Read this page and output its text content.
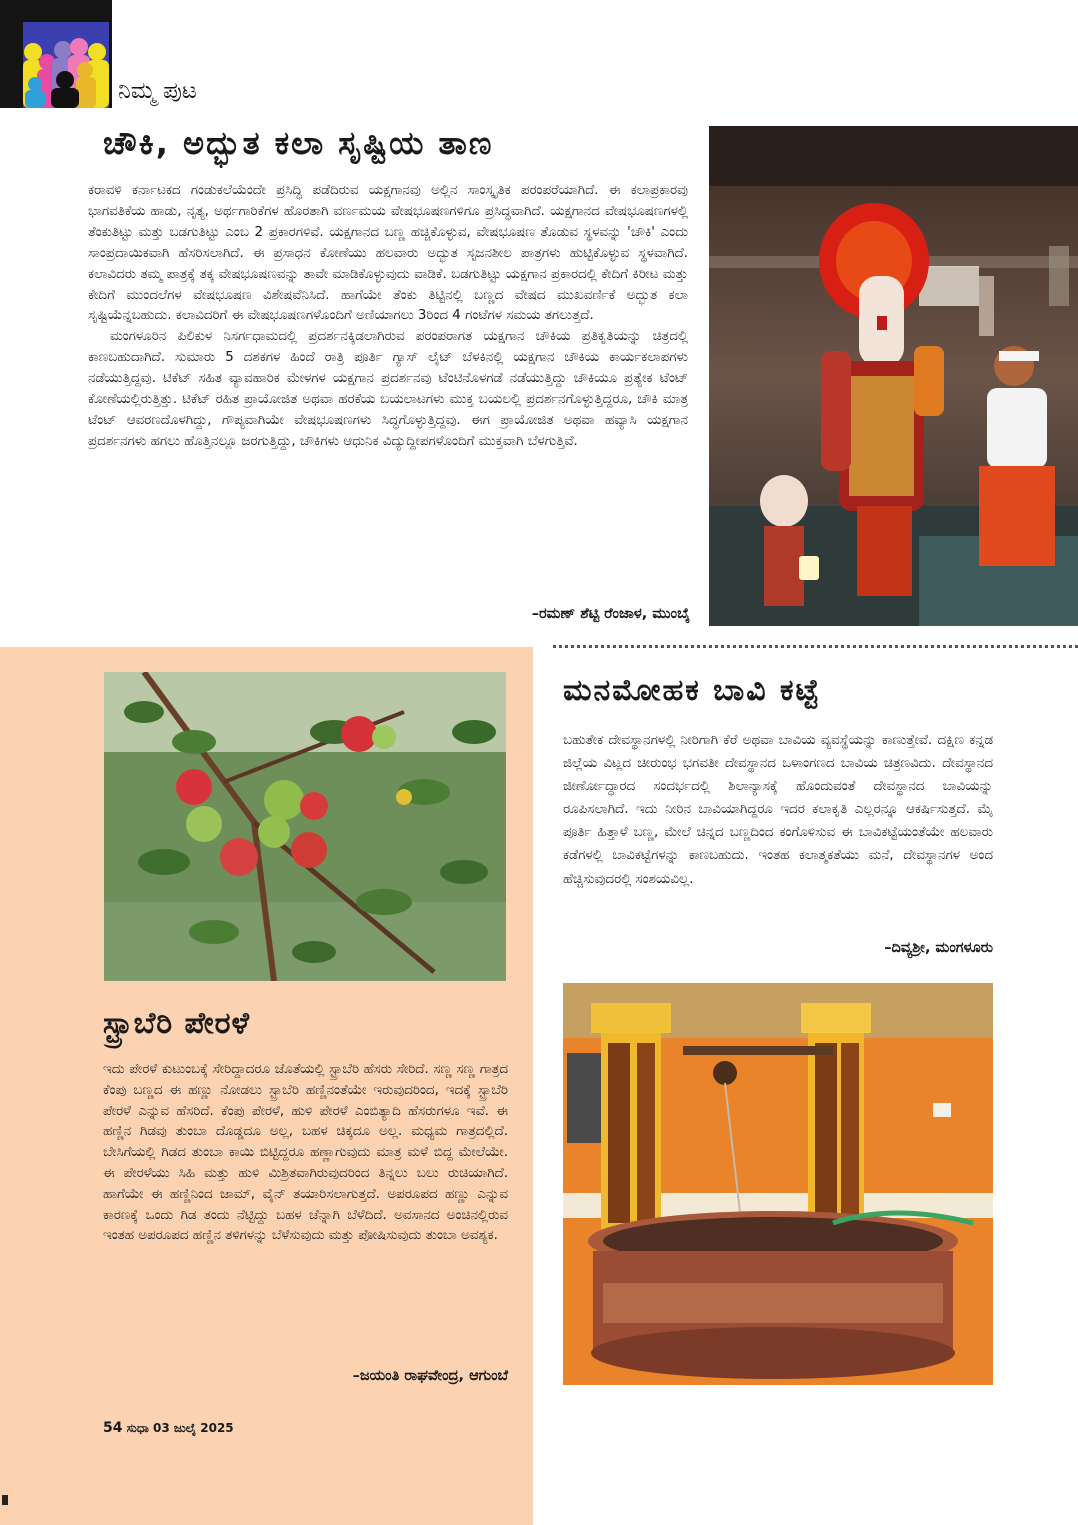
ನಿಮ್ಮ ಪುಟ
ಚೌಕಿ, ಅದ್ಭುತ ಕಲಾ ಸೃಷ್ಟಿಯ ತಾಣ

ಕರಾವಳಿ ಕರ್ನಾಟಕದ ಗಂಡುಕಲೆಯೆಂದೇ ಪ್ರಸಿದ್ಧಿ ಪಡೆದಿರುವ ಯಕ್ಷಗಾನವು ಅಲ್ಲಿನ ಸಾಂಸ್ಕೃತಿಕ ಪರಂಪರೆಯಾಗಿದೆ. ಈ ಕಲಾಪ್ರಕಾರವು ಭಾಗವತಿಕೆಯ ಹಾಡು, ನೃತ್ಯ, ಅರ್ಥಗಾರಿಕೆಗಳ ಹೊರತಾಗಿ ವರ್ಣಮಯ ವೇಷಭೂಷಣಗಳಿಗೂ ಪ್ರಸಿದ್ಧವಾಗಿದೆ. ಯಕ್ಷಗಾನದ ವೇಷಭೂಷಣಗಳಲ್ಲಿ ತೆಂಕುತಿಟ್ಟು ಮತ್ತು ಬಡಗುತಿಟ್ಟು ಎಂಬ 2 ಪ್ರಕಾರಗಳಿವೆ. ಯಕ್ಷಗಾನದ ಬಣ್ಣ ಹಚ್ಚಿಕೊಳ್ಳುವ, ವೇಷಭೂಷಣ ತೊಡುವ ಸ್ಥಳವನ್ನು 'ಚೌಕಿ' ಎಂದು ಸಾಂಪ್ರದಾಯಿಕವಾಗಿ ಹೆಸರಿಸಲಾಗಿದೆ. ಈ ಪ್ರಸಾಧನ ಕೋಣೆಯು ಹಲವಾರು ಅದ್ಭುತ ಸೃಜನಶೀಲ ಪಾತ್ರಗಳು ಹುಟ್ಟಿಕೊಳ್ಳುವ ಸ್ಥಳವಾಗಿದೆ. ಕಲಾವಿದರು ತಮ್ಮ ಪಾತ್ರಕ್ಕೆ ತಕ್ಕ ವೇಷಭೂಷಣವನ್ನು ತಾವೇ ಮಾಡಿಕೊಳ್ಳುವುದು ವಾಡಿಕೆ. ಬಡಗುತಿಟ್ಟು ಯಕ್ಷಗಾನ ಪ್ರಕಾರದಲ್ಲಿ ಕೇದಿಗೆ ಕಿರೀಟ ಮತ್ತು ಕೇದಿಗೆ ಮುಂದಲೆಗಳ ವೇಷಭೂಷಣ ವಿಶೇಷವೆನಿಸಿದೆ. ಹಾಗೆಯೇ ತೆಂಕು ತಿಟ್ಟಿನಲ್ಲಿ ಬಣ್ಣದ ವೇಷದ ಮುಖವರ್ಣಿಕೆ ಅದ್ಭುತ ಕಲಾ ಸೃಷ್ಟಿಯೆನ್ನಬಹುದು. ಕಲಾವಿದರಿಗೆ ಈ ವೇಷಭೂಷಣಗಳೊಂದಿಗೆ ಅಣಿಯಾಗಲು 3ರಿಂದ 4 ಗಂಟೆಗಳ ಸಮಯ ತಗಲುತ್ತದೆ.

ಮಂಗಳೂರಿನ ಪಿಲಿಕುಳ ನಿಸರ್ಗಧಾಮದಲ್ಲಿ ಪ್ರದರ್ಶನಕ್ಕಿಡಲಾಗಿರುವ ಪರಂಪರಾಗತ ಯಕ್ಷಗಾನ ಚೌಕಿಯ ಪ್ರತಿಕೃತಿಯನ್ನು ಚಿತ್ರದಲ್ಲಿ ಕಾಣಬಹುದಾಗಿದೆ. ಸುಮಾರು 5 ದಶಕಗಳ ಹಿಂದೆ ರಾತ್ರಿ ಪೂರ್ತಿ ಗ್ಯಾಸ್ ಲೈಟ್ ಬೆಳಕಿನಲ್ಲಿ ಯಕ್ಷಗಾನ ಚೌಕಿಯ ಕಾರ್ಯಕಲಾಪಗಳು ನಡೆಯುತ್ತಿದ್ದವು. ಟಿಕೆಟ್ ಸಹಿತ ವ್ಯಾವಹಾರಿಕ ಮೇಳಗಳ ಯಕ್ಷಗಾನ ಪ್ರದರ್ಶನವು ಟೆಂಟಿನೊಳಗಡೆ ನಡೆಯುತ್ತಿದ್ದು ಚೌಕಿಯೂ ಪ್ರತ್ಯೇಕ ಟೆಂಟ್ ಕೋಣೆಯಲ್ಲಿರುತ್ತಿತ್ತು. ಟಿಕೆಟ್ ರಹಿತ ಪ್ರಾಯೋಜಿತ ಅಥವಾ ಹರಕೆಯ ಬಯಲಾಟಗಳು ಮುಕ್ತ ಬಯಲಲ್ಲಿ ಪ್ರದರ್ಶನಗೊಳ್ಳುತ್ತಿದ್ದರೂ, ಚೌಕಿ ಮಾತ್ರ ಟೆಂಟ್ ಆವರಣದೊಳಗಿದ್ದು, ಗೌಪ್ಯವಾಗಿಯೇ ವೇಷಭೂಷಣಗಳು ಸಿದ್ಧಗೊಳ್ಳುತ್ತಿದ್ದವು. ಈಗ ಪ್ರಾಯೋಜಿತ ಅಥವಾ ಹವ್ಯಾಸಿ ಯಕ್ಷಗಾನ ಪ್ರದರ್ಶನಗಳು ಹಗಲು ಹೊತ್ತಿನಲ್ಲೂ ಜರಗುತ್ತಿದ್ದು, ಚೌಕಿಗಳು ಆಧುನಿಕ ವಿದ್ಯುದ್ದೀಪಗಳೊಂದಿಗೆ ಮುಕ್ತವಾಗಿ ಬೆಳಗುತ್ತಿವೆ.

–ರಮಣ್ ಶೆಟ್ಟಿ ರೆಂಜಾಳ, ಮುಂಬೈ
ಸ್ಟ್ರಾಬೆರಿ ಪೇರಳೆ
ಇದು ಪೇರಳೆ ಕುಟುಂಬಕ್ಕೆ ಸೇರಿದ್ದಾದರೂ ಜೊತೆಯಲ್ಲಿ ಸ್ಟ್ರಾಬೆರಿ ಹೆಸರು ಸೇರಿದೆ. ಸಣ್ಣ ಸಣ್ಣ ಗಾತ್ರದ ಕೆಂಪು ಬಣ್ಣದ ಈ ಹಣ್ಣು ನೋಡಲು ಸ್ಟ್ರಾಬೆರಿ ಹಣ್ಣಿನಂತೆಯೇ ಇರುವುದರಿಂದ, ಇದಕ್ಕೆ ಸ್ಟ್ರಾಬೆರಿ ಪೇರಳೆ ಎನ್ನುವ ಹೆಸರಿದೆ. ಕೆಂಪು ಪೇರಳೆ, ಹುಳಿ ಪೇರಳೆ ಎಂಬಿತ್ಯಾದಿ ಹೆಸರುಗಳೂ ಇವೆ. ಈ ಹಣ್ಣಿನ ಗಿಡವು ತುಂಬಾ ದೊಡ್ಡದೂ ಅಲ್ಲ, ಬಹಳ ಚಿಕ್ಕದೂ ಅಲ್ಲ. ಮಧ್ಯಮ ಗಾತ್ರದಲ್ಲಿದೆ. ಬೇಸಿಗೆಯಲ್ಲಿ ಗಿಡದ ತುಂಬಾ ಕಾಯಿ ಬಿಟ್ಟಿದ್ದರೂ ಹಣ್ಣಾಗುವುದು ಮಾತ್ರ ಮಳೆ ಬಿದ್ದ ಮೇಲೆಯೇ. ಈ ಪೇರಳೆಯು ಸಿಹಿ ಮತ್ತು ಹುಳಿ ಮಿಶ್ರಿತವಾಗಿರುವುದರಿಂದ ತಿನ್ನಲು ಬಲು ರುಚಿಯಾಗಿದೆ. ಹಾಗೆಯೇ ಈ ಹಣ್ಣಿನಿಂದ ಜಾಮ್, ವೈನ್ ತಯಾರಿಸಲಾಗುತ್ತದೆ. ಅಪರೂಪದ ಹಣ್ಣು ಎನ್ನುವ ಕಾರಣಕ್ಕೆ ಒಂದು ಗಿಡ ತಂದು ನೆಟ್ಟಿದ್ದು ಬಹಳ ಚೆನ್ನಾಗಿ ಬೆಳೆದಿದೆ. ಅವಸಾನದ ಅಂಚಿನಲ್ಲಿರುವ ಇಂತಹ ಅಪರೂಪದ ಹಣ್ಣಿನ ತಳಿಗಳನ್ನು ಬೆಳೆಸುವುದು ಮತ್ತು ಪೋಷಿಸುವುದು ತುಂಬಾ ಅವಶ್ಯಕ.
–ಜಯಂತಿ ರಾಘವೇಂದ್ರ, ಆಗುಂಬೆ
54 ಸುಧಾ 03 ಜುಲೈ 2025
ಮನಮೋಹಕ ಬಾವಿ ಕಟ್ಟೆ
ಬಹುತೇಕ ದೇವಸ್ಥಾನಗಳಲ್ಲಿ ನೀರಿಗಾಗಿ ಕೆರೆ ಅಥವಾ ಬಾವಿಯ ವ್ಯವಸ್ಥೆಯನ್ನು ಕಾಣುತ್ತೇವೆ. ದಕ್ಷಿಣ ಕನ್ನಡ ಜಿಲ್ಲೆಯ ವಿಟ್ಲದ ಚೀರುಂಭ ಭಗವತೀ ದೇವಸ್ಥಾನದ ಒಳಾಂಗಣದ ಬಾವಿಯ ಚಿತ್ರಣವಿದು. ದೇವಸ್ಥಾನದ ಜೀರ್ಣೋದ್ಧಾರದ ಸಂದರ್ಭದಲ್ಲಿ ಶಿಲಾನ್ಯಾಸಕ್ಕೆ ಹೊಂದುವಂತೆ ದೇವಸ್ಥಾನದ ಬಾವಿಯನ್ನು ರೂಪಿಸಲಾಗಿದೆ. ಇದು ನೀರಿನ ಬಾವಿಯಾಗಿದ್ದರೂ ಇದರ ಕಲಾಕೃತಿ ಎಲ್ಲರನ್ನೂ ಆಕರ್ಷಿಸುತ್ತದೆ. ಮೈ ಪೂರ್ತಿ ಹಿತ್ತಾಳೆ ಬಣ್ಣ, ಮೇಲೆ ಚಿನ್ನದ ಬಣ್ಣದಿಂದ ಕಂಗೊಳಿಸುವ ಈ ಬಾವಿಕಟ್ಟೆಯಂತೆಯೇ ಹಲವಾರು ಕಡೆಗಳಲ್ಲಿ ಬಾವಿಕಟ್ಟೆಗಳನ್ನು ಕಾಣಬಹುದು. ಇಂತಹ ಕಲಾತ್ಮಕತೆಯು ಮನೆ, ದೇವಸ್ಥಾನಗಳ ಅಂದ ಹೆಚ್ಚಿಸುವುದರಲ್ಲಿ ಸಂಶಯವಿಲ್ಲ.
–ದಿವ್ಯಶ್ರೀ, ಮಂಗಳೂರು
